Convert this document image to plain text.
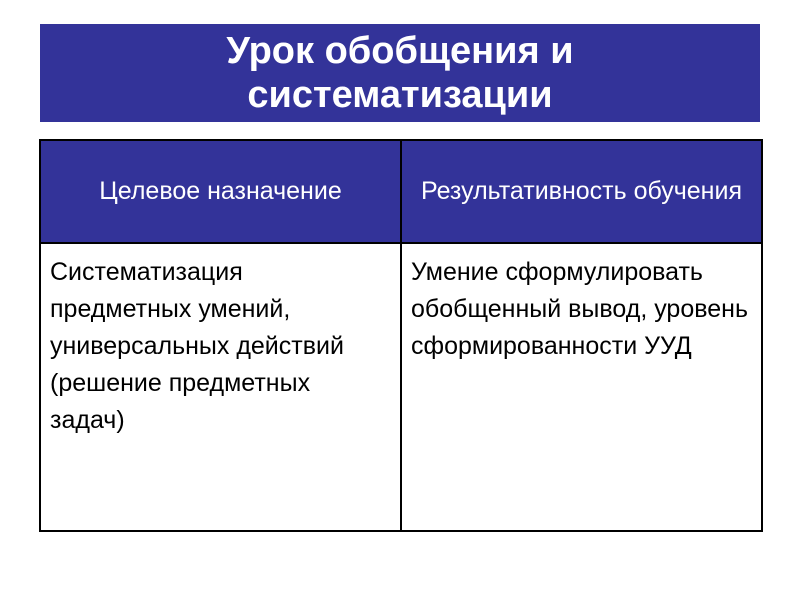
Урок обобщения и систематизации
Целевое назначение	Результативность обучения

Систематизация предметных умений, универсальных действий (решение предметных задач)	Умение сформулировать обобщенный вывод, уровень сформированности УУД
